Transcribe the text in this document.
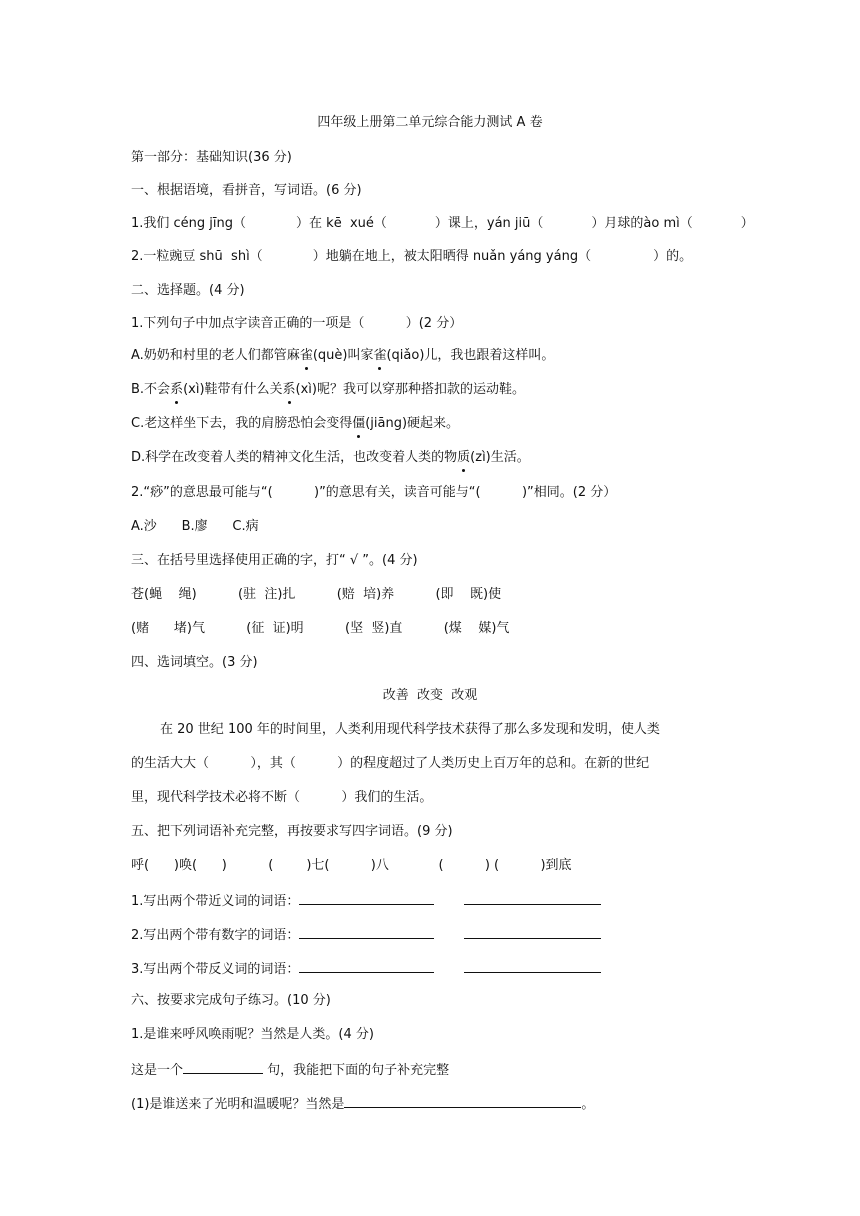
四年级上册第二单元综合能力测试 A 卷
第一部分：基础知识(36 分)
一、根据语境，看拼音，写词语。(6 分)
1.我们 céng jīng（	）在 kē  xué（	）课上，yán jiū（	）月球的ào mì（	）
2.一粒豌豆 shū  shì（	）地躺在地上，被太阳晒得 nuǎn yáng yáng（	）的。
二、选择题。(4 分)
1.下列句子中加点字读音正确的一项是（          ）(2 分）
A.奶奶和村里的老人们都管麻雀(què)叫家雀(qiǎo)儿，我也跟着这样叫。
B.不会系(xì)鞋带有什么关系(xì)呢？我可以穿那种搭扣款的运动鞋。
C.老这样坐下去，我的肩膀恐怕会变得僵(jiāng)硬起来。
D.科学在改变着人类的精神文化生活，也改变着人类的物质(zì)生活。
2.“痧”的意思最可能与“(          )”的意思有关，读音可能与“(          )”相同。(2 分）
A.沙      B.廖      C.病
三、在括号里选择使用正确的字，打“ √ ”。(4 分)
苍(蝇    绳)          (驻  注)扎          (赔  培)养          (即    既)使
(赌      堵)气          (征  证)明          (坚  竖)直          (煤    媒)气
四、选词填空。(3 分)
改善  改变  改观
在 20 世纪 100 年的时间里，人类利用现代科学技术获得了那么多发现和发明，使人类
的生活大大（          ），其（          ）的程度超过了人类历史上百万年的总和。在新的世纪
里，现代科学技术必将不断（          ）我们的生活。
五、把下列词语补充完整，再按要求写四字词语。(9 分)
呼(      )唤(      )          (        )七(          )八            (          ) (          )到底
1.写出两个带近义词的词语：
2.写出两个带有数字的词语：
3.写出两个带反义词的词语：
六、按要求完成句子练习。(10 分)
1.是谁来呼风唤雨呢？当然是人类。(4 分)
这是一个	句，我能把下面的句子补充完整
(1)是谁送来了光明和温暖呢？当然是	。
